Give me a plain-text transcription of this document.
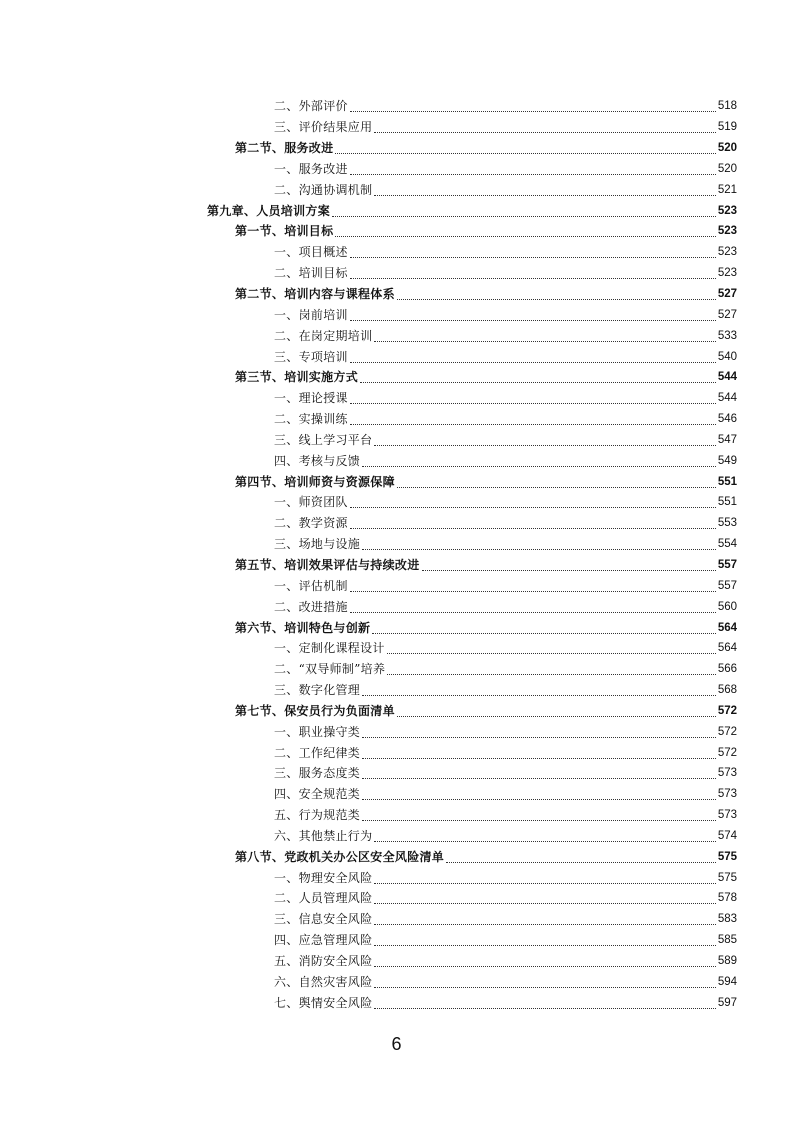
二、外部评价	518
三、评价结果应用	519
第二节、服务改进	520
一、服务改进	520
二、沟通协调机制	521
第九章、人员培训方案	523
第一节、培训目标	523
一、项目概述	523
二、培训目标	523
第二节、培训内容与课程体系	527
一、岗前培训	527
二、在岗定期培训	533
三、专项培训	540
第三节、培训实施方式	544
一、理论授课	544
二、实操训练	546
三、线上学习平台	547
四、考核与反馈	549
第四节、培训师资与资源保障	551
一、师资团队	551
二、教学资源	553
三、场地与设施	554
第五节、培训效果评估与持续改进	557
一、评估机制	557
二、改进措施	560
第六节、培训特色与创新	564
一、定制化课程设计	564
二、“双导师制”培养	566
三、数字化管理	568
第七节、保安员行为负面清单	572
一、职业操守类	572
二、工作纪律类	572
三、服务态度类	573
四、安全规范类	573
五、行为规范类	573
六、其他禁止行为	574
第八节、党政机关办公区安全风险清单	575
一、物理安全风险	575
二、人员管理风险	578
三、信息安全风险	583
四、应急管理风险	585
五、消防安全风险	589
六、自然灾害风险	594
七、舆情安全风险	597
6
